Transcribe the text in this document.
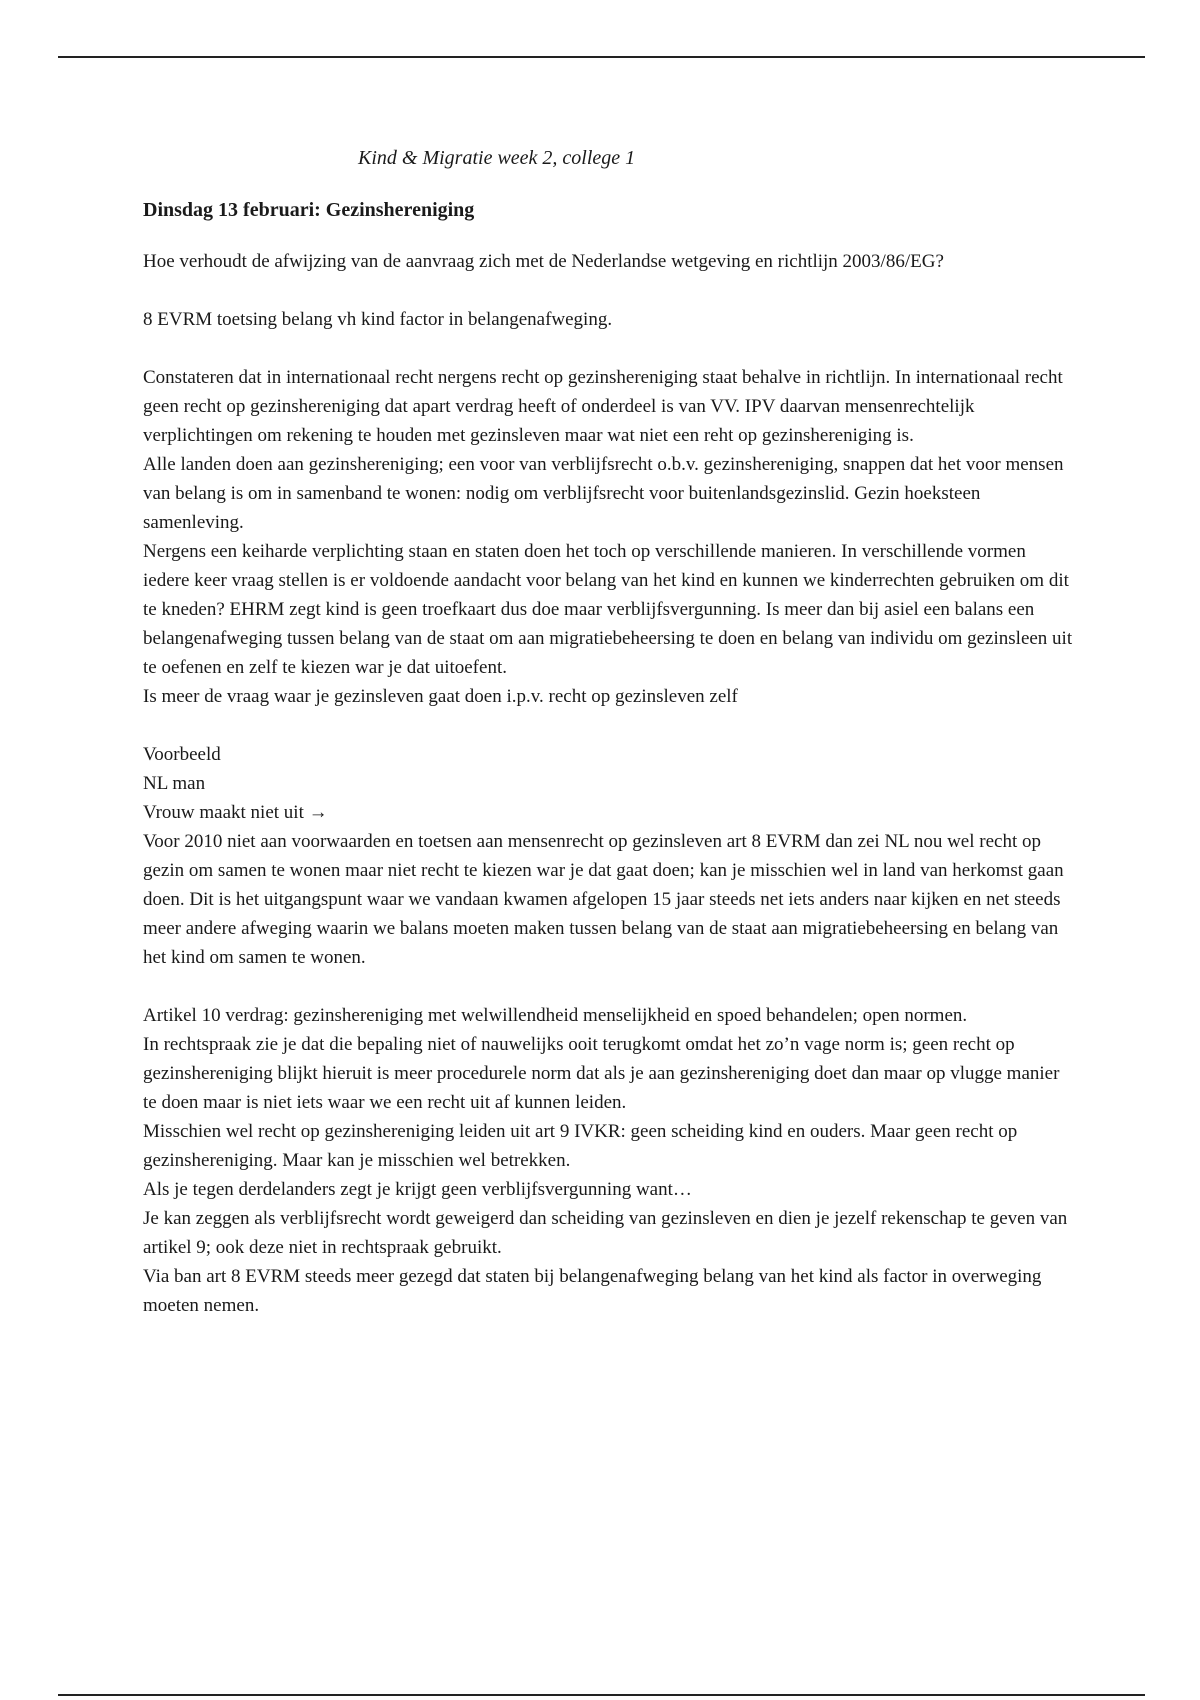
Kind & Migratie week 2, college 1

Dinsdag 13 februari: Gezinshereniging

Hoe verhoudt de afwijzing van de aanvraag zich met de Nederlandse wetgeving en richtlijn 2003/86/EG?
8 EVRM toetsing belang vh kind factor in belangenafweging.
Constateren dat in internationaal recht nergens recht op gezinshereniging staat behalve in richtlijn. In internationaal recht geen recht op gezinshereniging dat apart verdrag heeft of onderdeel is van VV. IPV daarvan mensenrechtelijk verplichtingen om rekening te houden met gezinsleven maar wat niet een reht op gezinshereniging is.
Alle landen doen aan gezinshereniging; een voor van verblijfsrecht o.b.v. gezinshereniging, snappen dat het voor mensen van belang is om in samenband te wonen: nodig om verblijfsrecht voor buitenlandsgezinslid. Gezin hoeksteen samenleving.
Nergens een keiharde verplichting staan en staten doen het toch op verschillende manieren. In verschillende vormen iedere keer vraag stellen is er voldoende aandacht voor belang van het kind en kunnen we kinderrechten gebruiken om dit te kneden? EHRM zegt kind is geen troefkaart dus doe maar verblijfsvergunning. Is meer dan bij asiel een balans een belangenafweging tussen belang van de staat om aan migratiebeheersing te doen en belang van individu om gezinsleen uit te oefenen en zelf te kiezen war je dat uitoefent.
Is meer de vraag waar je gezinsleven gaat doen i.p.v. recht op gezinsleven zelf
Voorbeeld
NL man
Vrouw maakt niet uit →
Voor 2010 niet aan voorwaarden en toetsen aan mensenrecht op gezinsleven art 8 EVRM dan zei NL nou wel recht op gezin om samen te wonen maar niet recht te kiezen war je dat gaat doen; kan je misschien wel in land van herkomst gaan doen. Dit is het uitgangspunt waar we vandaan kwamen afgelopen 15 jaar steeds net iets anders naar kijken en net steeds meer andere afweging waarin we balans moeten maken tussen belang van de staat aan migratiebeheersing en belang van het kind om samen te wonen.
Artikel 10 verdrag: gezinshereniging met welwillendheid menselijkheid en spoed behandelen; open normen.
In rechtspraak zie je dat die bepaling niet of nauwelijks ooit terugkomt omdat het zo’n vage norm is; geen recht op gezinshereniging blijkt hieruit is meer procedurele norm dat als je aan gezinshereniging doet dan maar op vlugge manier te doen maar is niet iets waar we een recht uit af kunnen leiden.
Misschien wel recht op gezinshereniging leiden uit art 9 IVKR: geen scheiding kind en ouders. Maar geen recht op gezinshereniging. Maar kan je misschien wel betrekken.
Als je tegen derdelanders zegt je krijgt geen verblijfsvergunning want…
Je kan zeggen als verblijfsrecht wordt geweigerd dan scheiding van gezinsleven en dien je jezelf rekenschap te geven van artikel 9; ook deze niet in rechtspraak gebruikt.
Via ban art 8 EVRM steeds meer gezegd dat staten bij belangenafweging belang van het kind als factor in overweging moeten nemen.
